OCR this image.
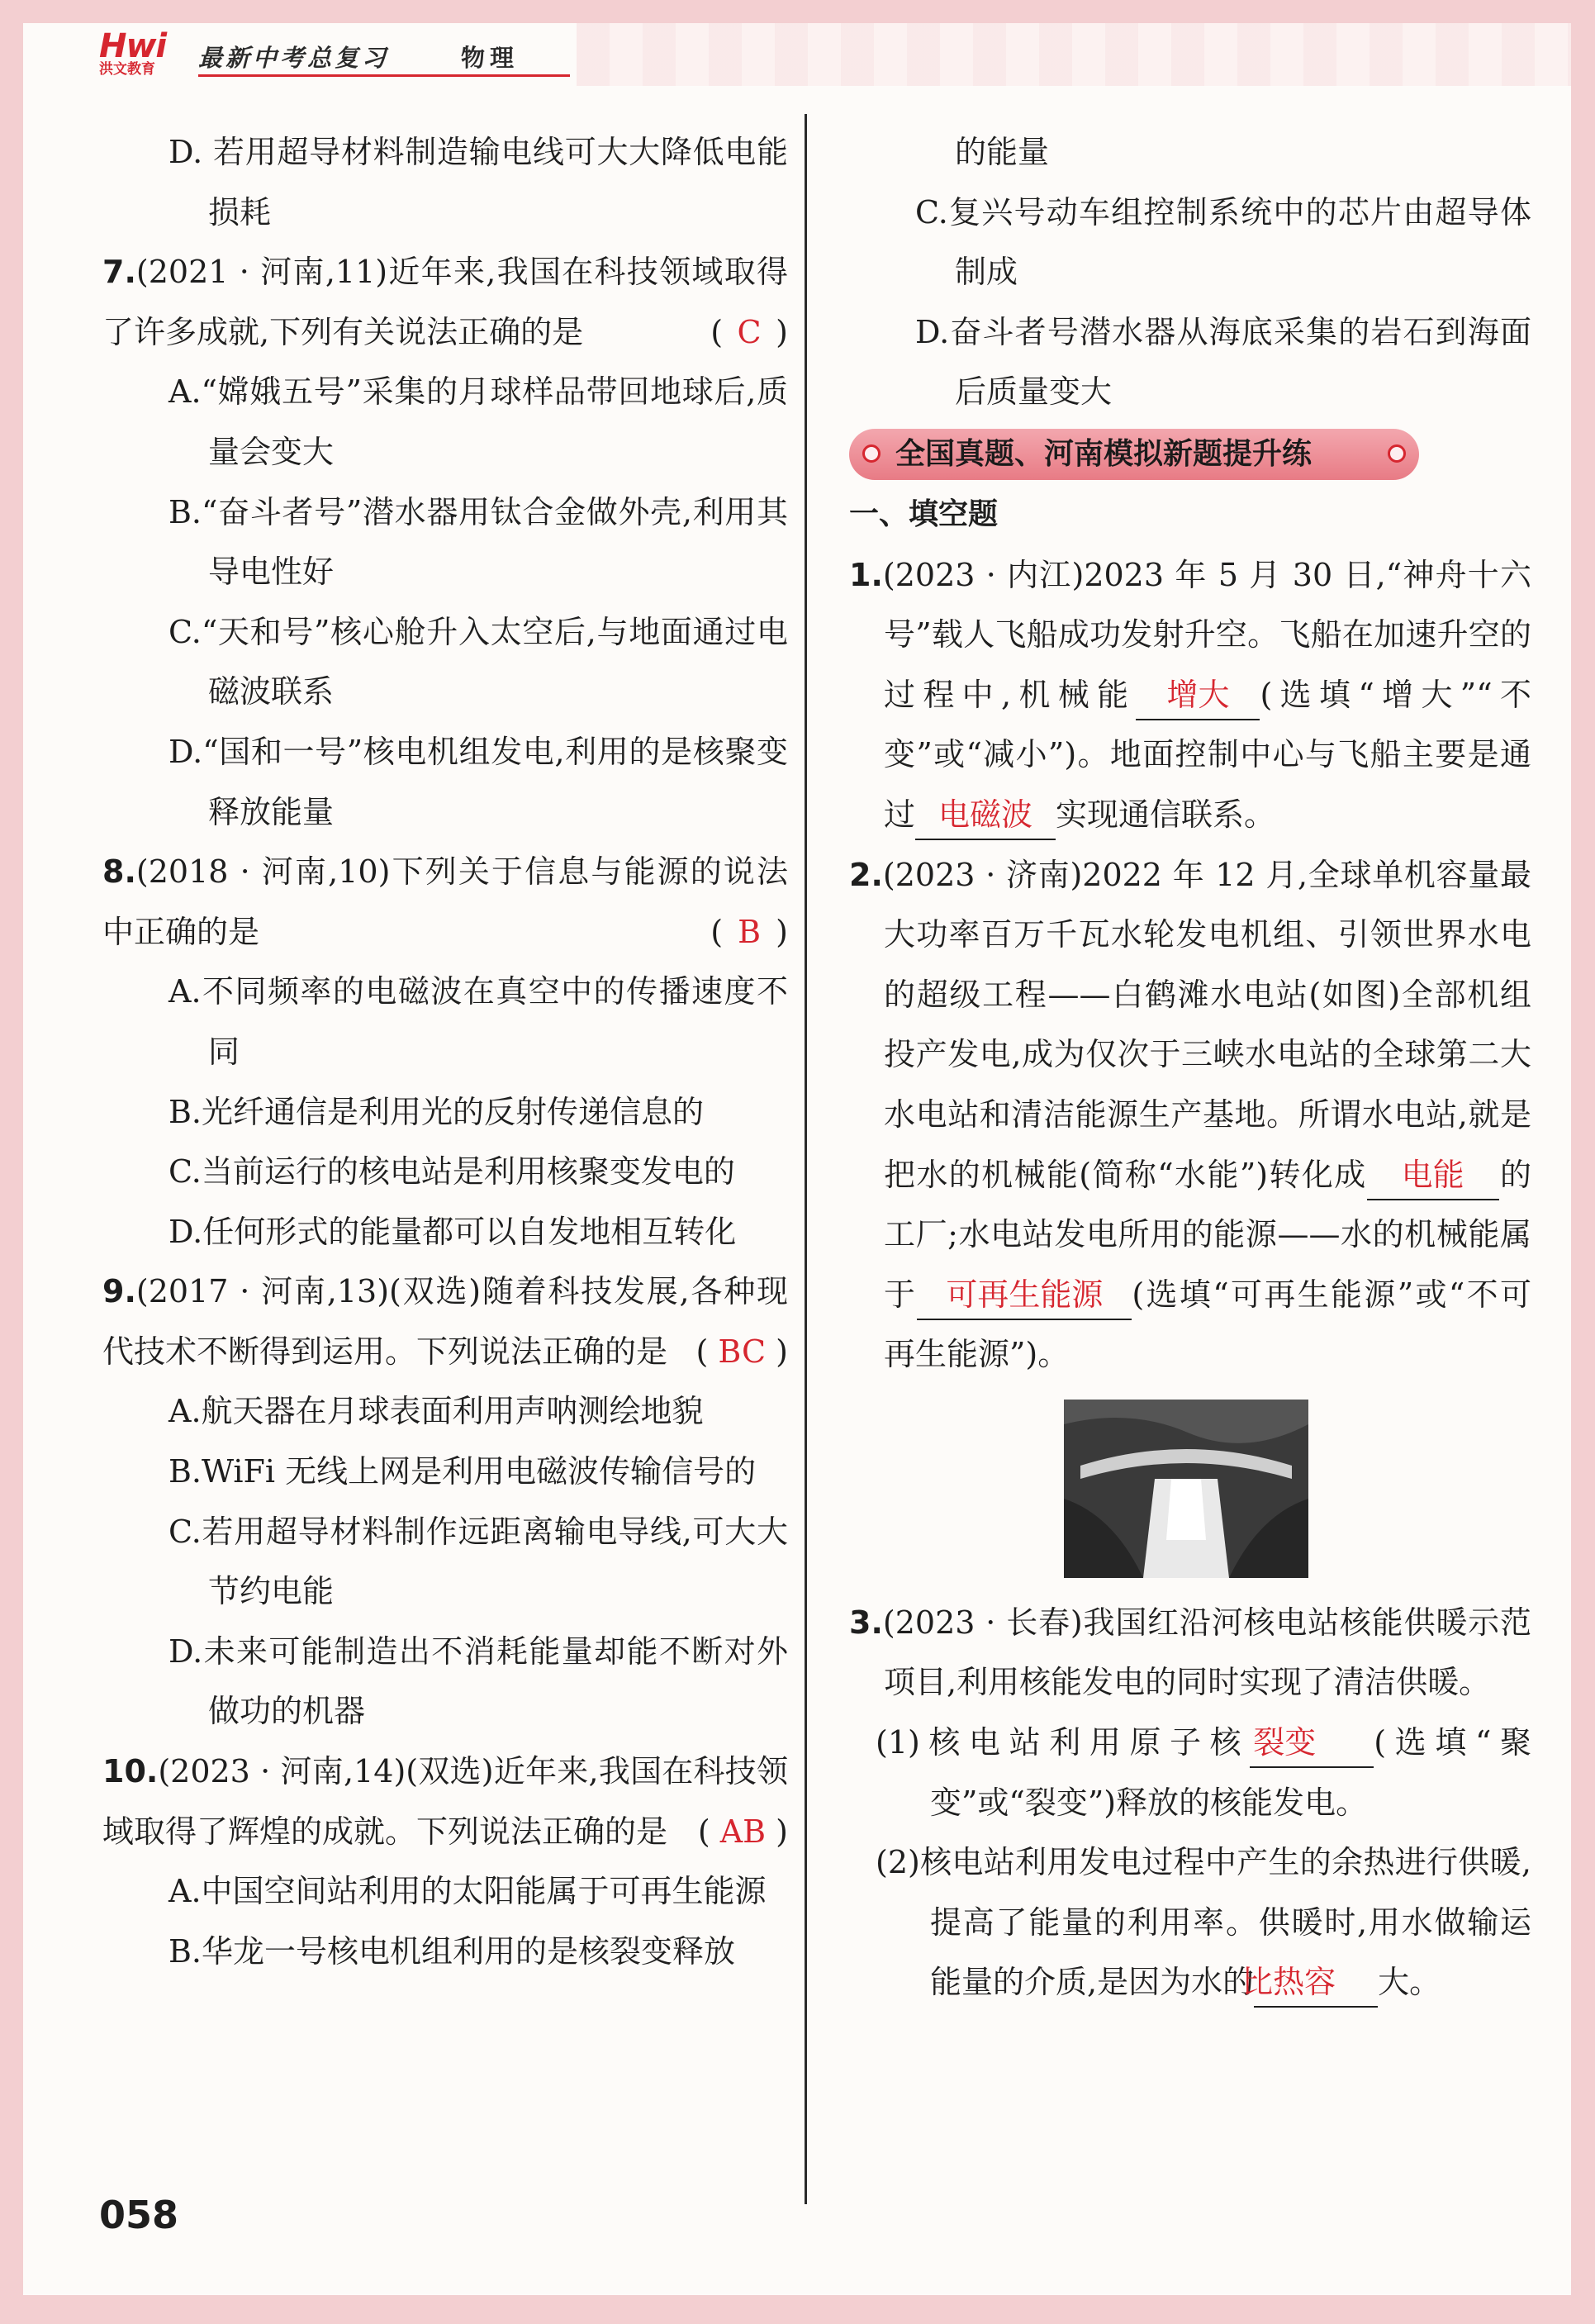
Hwi
洪文教育	最新中考总复习	物理

D. 若用超导材料制造输电线可大大降低电能损耗

7.(2021 · 河南,11)近年来,我国在科技领域取得了许多成就,下列有关说法正确的是	( C )

A.“嫦娥五号”采集的月球样品带回地球后,质量会变大

B.“奋斗者号”潜水器用钛合金做外壳,利用其导电性好

C.“天和号”核心舱升入太空后,与地面通过电磁波联系

D.“国和一号”核电机组发电,利用的是核聚变释放能量

8.(2018 · 河南,10)下列关于信息与能源的说法中正确的是	( B )

A.不同频率的电磁波在真空中的传播速度不同

B.光纤通信是利用光的反射传递信息的

C.当前运行的核电站是利用核聚变发电的

D.任何形式的能量都可以自发地相互转化

9.(2017 · 河南,13)(双选)随着科技发展,各种现代技术不断得到运用。下列说法正确的是 ( BC )

A.航天器在月球表面利用声呐测绘地貌

B.WiFi 无线上网是利用电磁波传输信号的

C.若用超导材料制作远距离输电导线,可大大节约电能

D.未来可能制造出不消耗能量却能不断对外做功的机器

10.(2023 · 河南,14)(双选)近年来,我国在科技领域取得了辉煌的成就。下列说法正确的是 ( AB )

A.中国空间站利用的太阳能属于可再生能源

B.华龙一号核电机组利用的是核裂变释放

的能量

C.复兴号动车组控制系统中的芯片由超导体制成

D.奋斗者号潜水器从海底采集的岩石到海面后质量变大

全国真题、河南模拟新题提升练

一、填空题

1.(2023 · 内江)2023 年 5 月 30 日,“神舟十六号”载人飞船成功发射升空。飞船在加速升空的过程中,机械能 增大 (选填“增大”“不变”或“减小”)。地面控制中心与飞船主要是通过 电磁波 实现通信联系。

2.(2023 · 济南)2022 年 12 月,全球单机容量最大功率百万千瓦水轮发电机组、引领世界水电的超级工程——白鹤滩水电站(如图)全部机组投产发电,成为仅次于三峡水电站的全球第二大水电站和清洁能源生产基地。所谓水电站,就是把水的机械能(简称“水能”)转化成 电能 的工厂;水电站发电所用的能源——水的机械能属于 可再生能源 (选填“可再生能源”或“不可再生能源”)。

3.(2023 · 长春)我国红沿河核电站核能供暖示范项目,利用核能发电的同时实现了清洁供暖。

(1)核电站利用原子核 裂变 (选填“聚变”或“裂变”)释放的核能发电。

(2)核电站利用发电过程中产生的余热进行供暖,提高了能量的利用率。供暖时,用水做输运能量的介质,是因为水的比热容 大。

058
